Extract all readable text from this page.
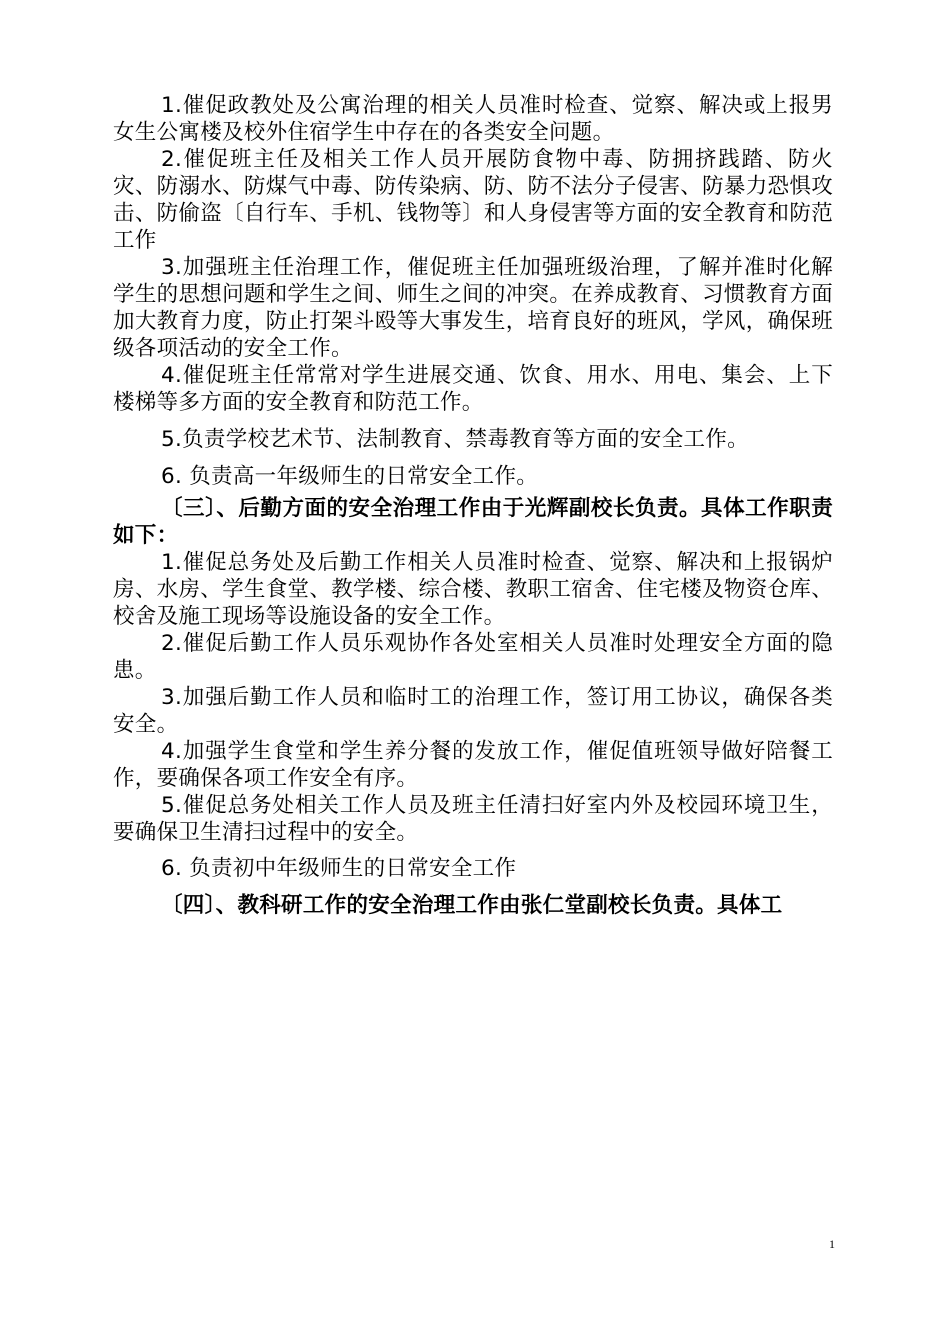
1.催促政教处及公寓治理的相关人员准时检查、觉察、解决或上报男女生公寓楼及校外住宿学生中存在的各类安全问题。

2.催促班主任及相关工作人员开展防食物中毒、防拥挤践踏、防火灾、防溺水、防煤气中毒、防传染病、防、防不法分子侵害、防暴力恐惧攻击、防偷盗〔自行车、手机、钱物等〕和人身侵害等方面的安全教育和防范工作

3.加强班主任治理工作，催促班主任加强班级治理，了解并准时化解学生的思想问题和学生之间、师生之间的冲突。在养成教育、习惯教育方面加大教育力度，防止打架斗殴等大事发生，培育良好的班风，学风，确保班级各项活动的安全工作。

4.催促班主任常常对学生进展交通、饮食、用水、用电、集会、上下楼梯等多方面的安全教育和防范工作。

5.负责学校艺术节、法制教育、禁毒教育等方面的安全工作。

6. 负责高一年级师生的日常安全工作。

〔三〕、后勤方面的安全治理工作由于光辉副校长负责。具体工作职责如下：

1.催促总务处及后勤工作相关人员准时检查、觉察、解决和上报锅炉房、水房、学生食堂、教学楼、综合楼、教职工宿舍、住宅楼及物资仓库、校舍及施工现场等设施设备的安全工作。

2.催促后勤工作人员乐观协作各处室相关人员准时处理安全方面的隐患。

3.加强后勤工作人员和临时工的治理工作，签订用工协议，确保各类安全。

4.加强学生食堂和学生养分餐的发放工作，催促值班领导做好陪餐工作，要确保各项工作安全有序。

5.催促总务处相关工作人员及班主任清扫好室内外及校园环境卫生，要确保卫生清扫过程中的安全。

6. 负责初中年级师生的日常安全工作

〔四〕、教科研工作的安全治理工作由张仁堂副校长负责。具体工

1
